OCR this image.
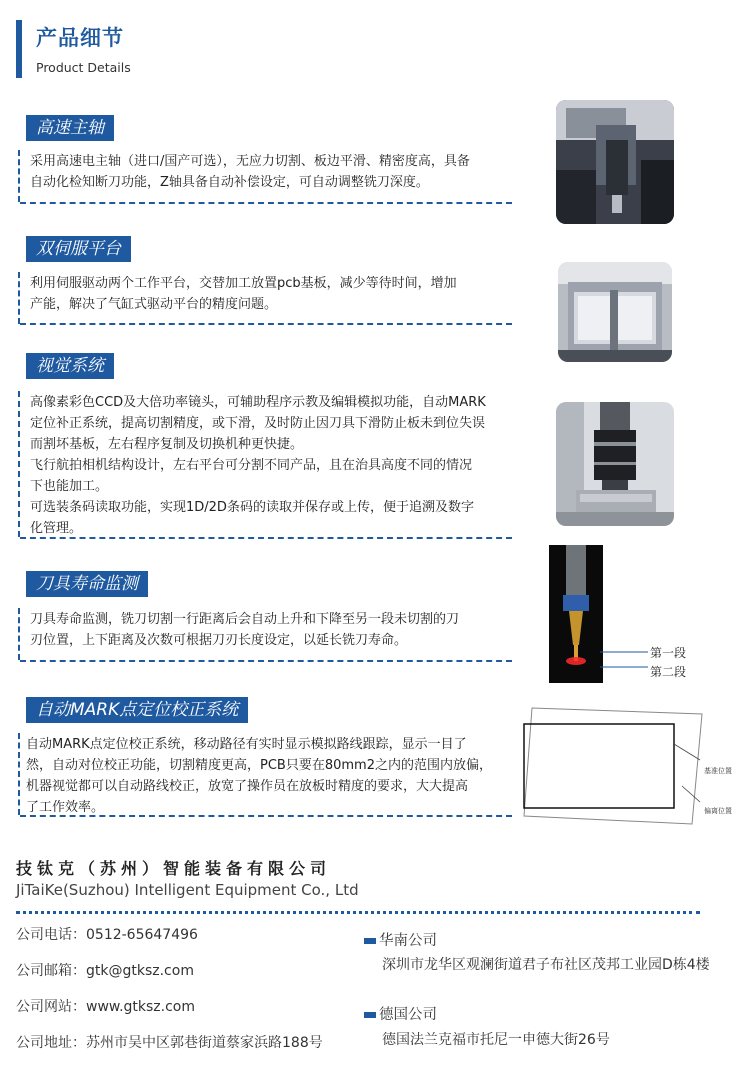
产品细节
Product Details
高速主轴
采用高速电主轴（进口/国产可选），无应力切割、板边平滑、精密度高，具备
自动化检知断刀功能，Z轴具备自动补偿设定，可自动调整铣刀深度。
双伺服平台
利用伺服驱动两个工作平台，交替加工放置pcb基板，减少等待时间，增加
产能，解决了气缸式驱动平台的精度问题。
视觉系统
高像素彩色CCD及大倍功率镜头，可辅助程序示教及编辑模拟功能，自动MARK
定位补正系统，提高切割精度，或下滑，及时防止因刀具下滑防止板未到位失误
而割坏基板，左右程序复制及切换机种更快捷。
飞行航拍相机结构设计，左右平台可分割不同产品，且在治具高度不同的情况
下也能加工。
可选装条码读取功能，实现1D/2D条码的读取并保存或上传，便于追溯及数字
化管理。
刀具寿命监测
刀具寿命监测，铣刀切割一行距离后会自动上升和下降至另一段未切割的刀
刃位置，上下距离及次数可根据刀刃长度设定，以延长铣刀寿命。
第一段
第二段
自动MARK点定位校正系统
自动MARK点定位校正系统，移动路径有实时显示模拟路线跟踪，显示一目了
然，自动对位校正功能，切割精度更高，PCB只要在80mm2之内的范围内放偏，
机器视觉都可以自动路线校正，放宽了操作员在放板时精度的要求，大大提高
了工作效率。
基准位置
偏离位置
技钛克（苏州）智能装备有限公司
JiTaiKe(Suzhou) Intelligent Equipment Co., Ltd
公司电话：0512-65647496
公司邮箱：gtk@gtksz.com
公司网站：www.gtksz.com
公司地址：苏州市吴中区郭巷街道蔡家浜路188号
华南公司
深圳市龙华区观澜街道君子布社区茂邦工业园D栋4楼
德国公司
德国法兰克福市托尼一申德大街26号
